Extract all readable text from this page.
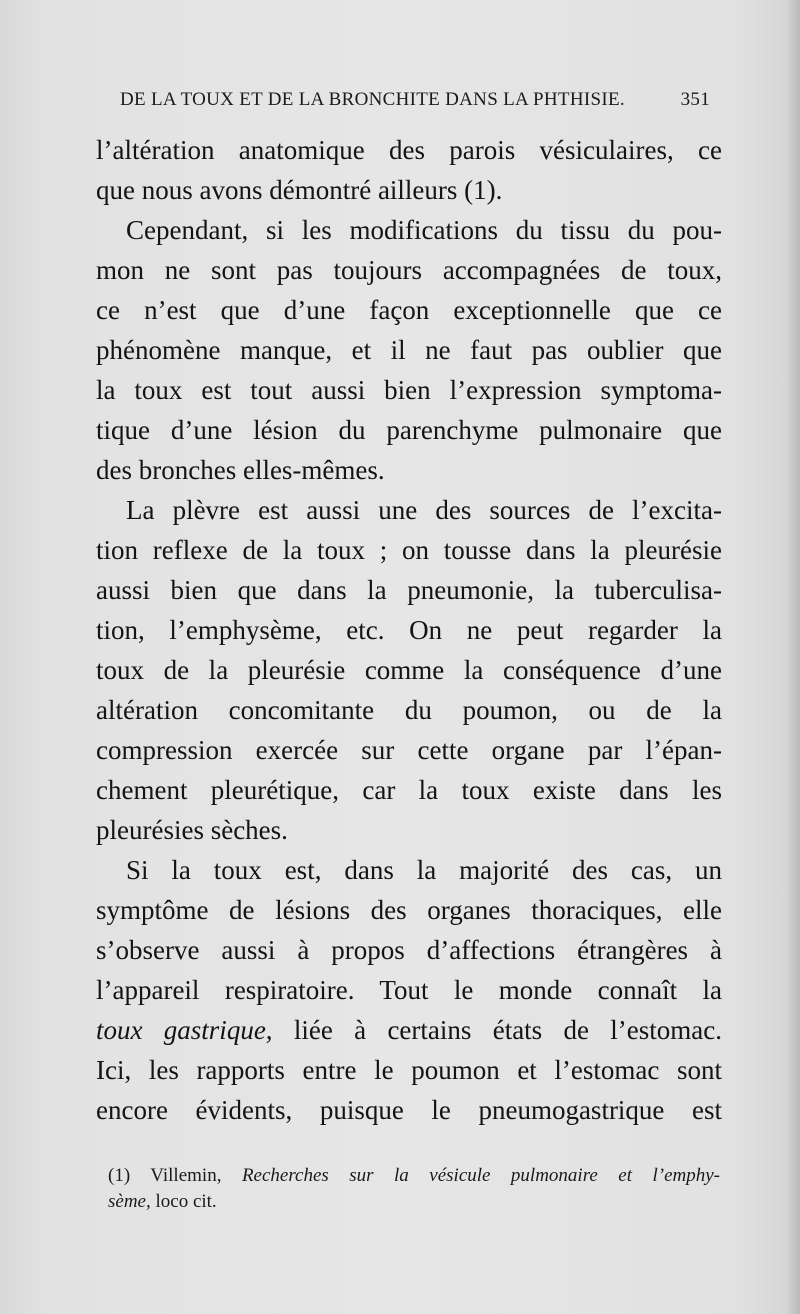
DE LA TOUX ET DE LA BRONCHITE DANS LA PHTHISIE.	351
l’altération anatomique des parois vésiculaires, ce
que nous avons démontré ailleurs (1).
Cependant, si les modifications du tissu du pou-
mon ne sont pas toujours accompagnées de toux,
ce n’est que d’une façon exceptionnelle que ce
phénomène manque, et il ne faut pas oublier que
la toux est tout aussi bien l’expression symptoma-
tique d’une lésion du parenchyme pulmonaire que
des bronches elles-mêmes.
La plèvre est aussi une des sources de l’excita-
tion reflexe de la toux ; on tousse dans la pleurésie
aussi bien que dans la pneumonie, la tuberculisa-
tion, l’emphysème, etc. On ne peut regarder la
toux de la pleurésie comme la conséquence d’une
altération concomitante du poumon, ou de la
compression exercée sur cette organe par l’épan-
chement pleurétique, car la toux existe dans les
pleurésies sèches.
Si la toux est, dans la majorité des cas, un
symptôme de lésions des organes thoraciques, elle
s’observe aussi à propos d’affections étrangères à
l’appareil respiratoire. Tout le monde connaît la
toux gastrique, liée à certains états de l’estomac.
Ici, les rapports entre le poumon et l’estomac sont
encore évidents, puisque le pneumogastrique est
(1) Villemin, Recherches sur la vésicule pulmonaire et l’emphy-
sème, loco cit.
